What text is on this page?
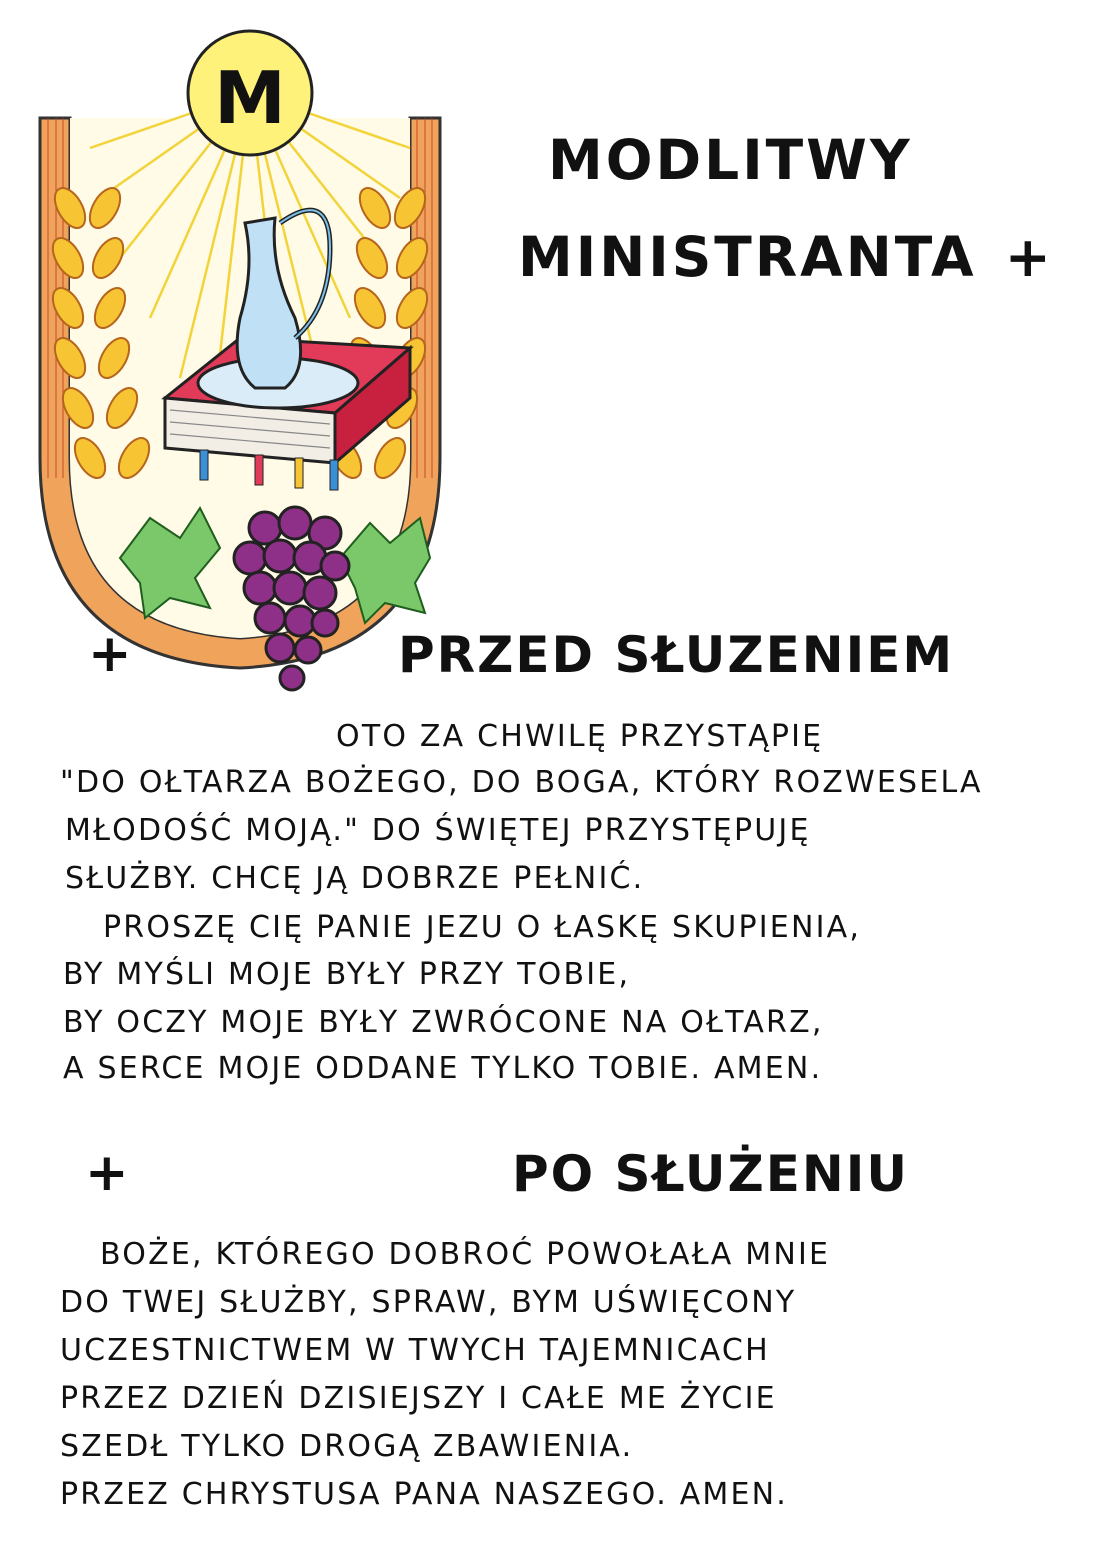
M
MODLITWY
MINISTRANTA +
+	PRZED SŁUZENIEM
OTO ZA CHWILĘ PRZYSTĄPIĘ
"DO OŁTARZA BOŻEGO, DO BOGA, KTÓRY ROZWESELA
MŁODOŚĆ MOJĄ." DO ŚWIĘTEJ PRZYSTĘPUJĘ
SŁUŻBY. CHCĘ JĄ DOBRZE PEŁNIĆ.
PROSZĘ CIĘ PANIE JEZU O ŁASKĘ SKUPIENIA,
BY MYŚLI MOJE BYŁY PRZY TOBIE,
BY OCZY MOJE BYŁY ZWRÓCONE NA OŁTARZ,
A SERCE MOJE ODDANE TYLKO TOBIE. AMEN.
+	PO SŁUŻENIU
BOŻE, KTÓREGO DOBROĆ POWOŁAŁA MNIE
DO TWEJ SŁUŻBY, SPRAW, BYM UŚWIĘCONY
UCZESTNICTWEM W TWYCH TAJEMNICACH
PRZEZ DZIEŃ DZISIEJSZY I CAŁE ME ŻYCIE
SZEDŁ TYLKO DROGĄ ZBAWIENIA.
PRZEZ CHRYSTUSA PANA NASZEGO. AMEN.
